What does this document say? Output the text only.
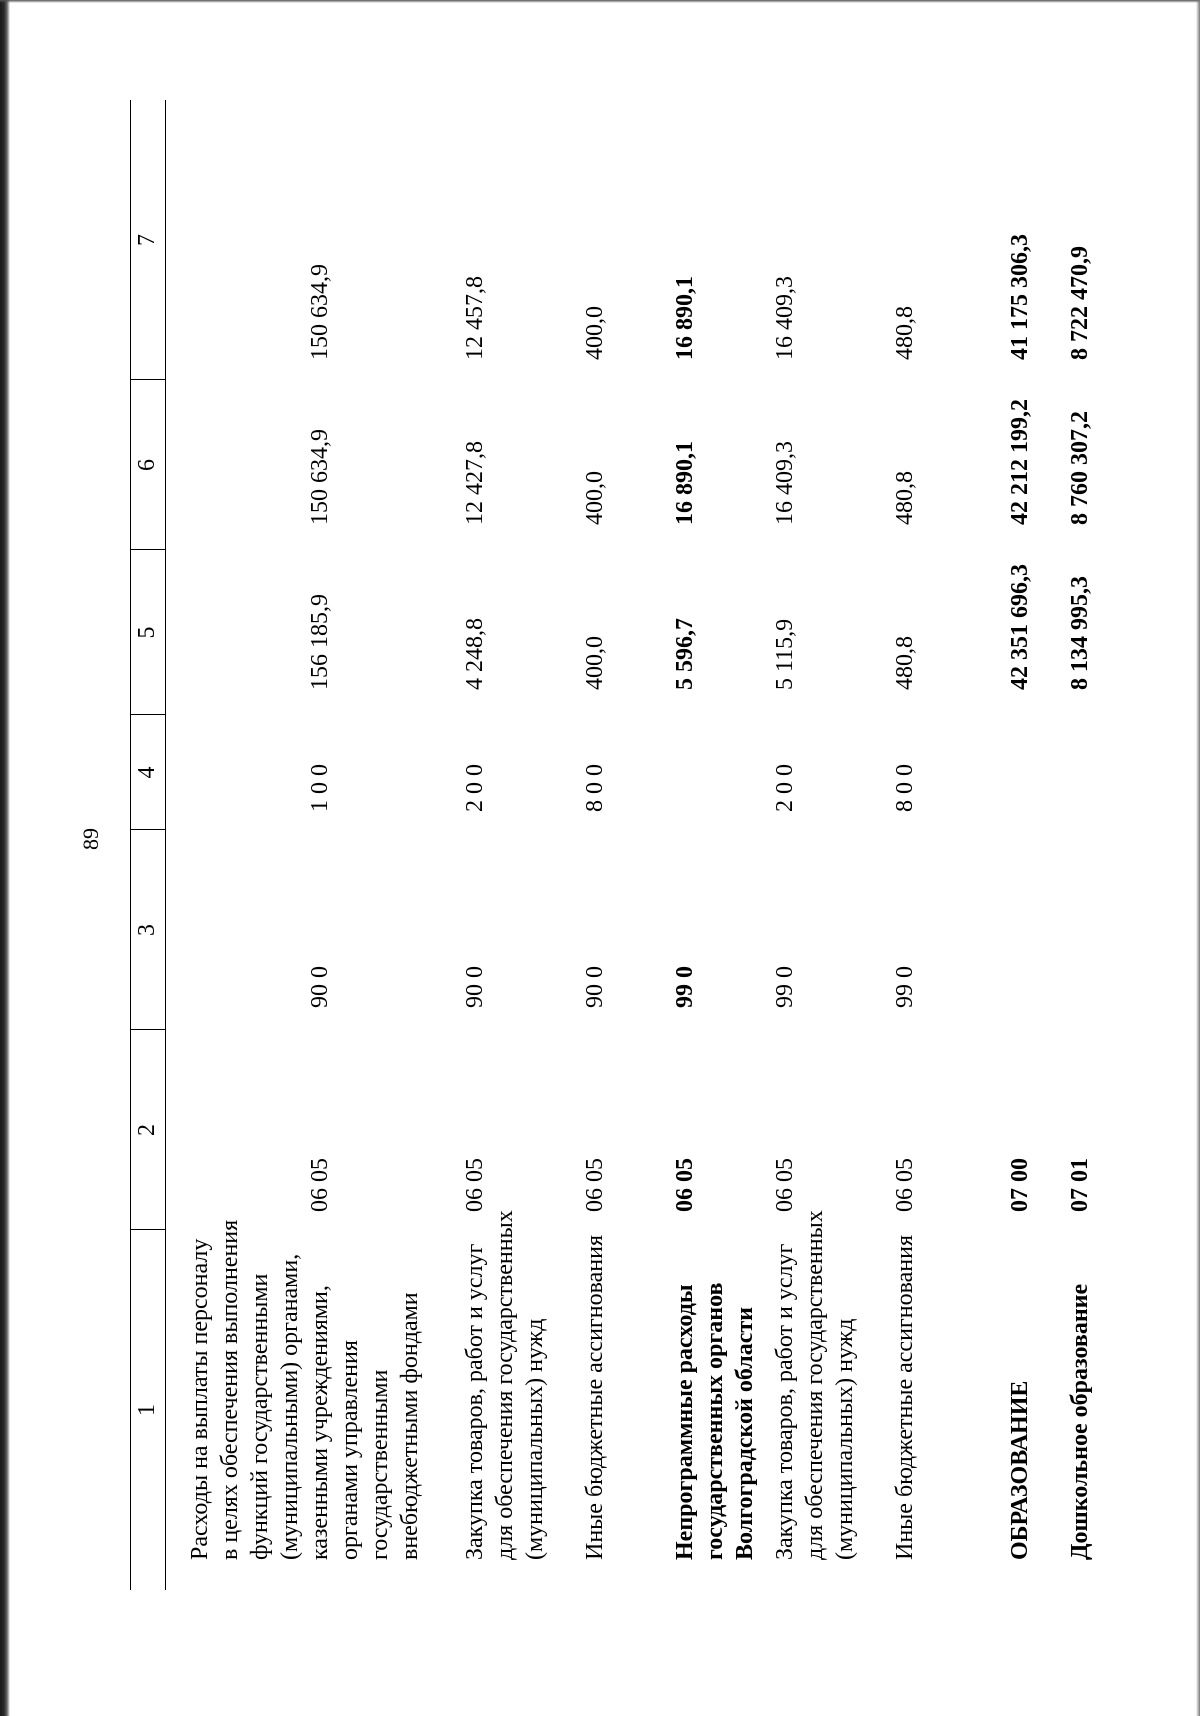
89
1
2
3
4
5
6
7
Расходы на выплаты персоналу в целях обеспечения выполнения функций государственными (муниципальными) органами, казенными учреждениями, органами управления государственными внебюджетными фондами
06 05
90 0
1 0 0
156 185,9
150 634,9
150 634,9
Закупка товаров, работ и услуг для обеспечения государственных (муниципальных) нужд
06 05
90 0
2 0 0
4 248,8
12 427,8
12 457,8
Иные бюджетные ассигнования
06 05
90 0
8 0 0
400,0
400,0
400,0
Непрограммные расходы государственных органов Волгоградской области
06 05
99 0
5 596,7
16 890,1
16 890,1
Закупка товаров, работ и услуг для обеспечения государственных (муниципальных) нужд
06 05
99 0
2 0 0
5 115,9
16 409,3
16 409,3
Иные бюджетные ассигнования
06 05
99 0
8 0 0
480,8
480,8
480,8
ОБРАЗОВАНИЕ
07 00
42 351 696,3
42 212 199,2
41 175 306,3
Дошкольное образование
07 01
8 134 995,3
8 760 307,2
8 722 470,9
